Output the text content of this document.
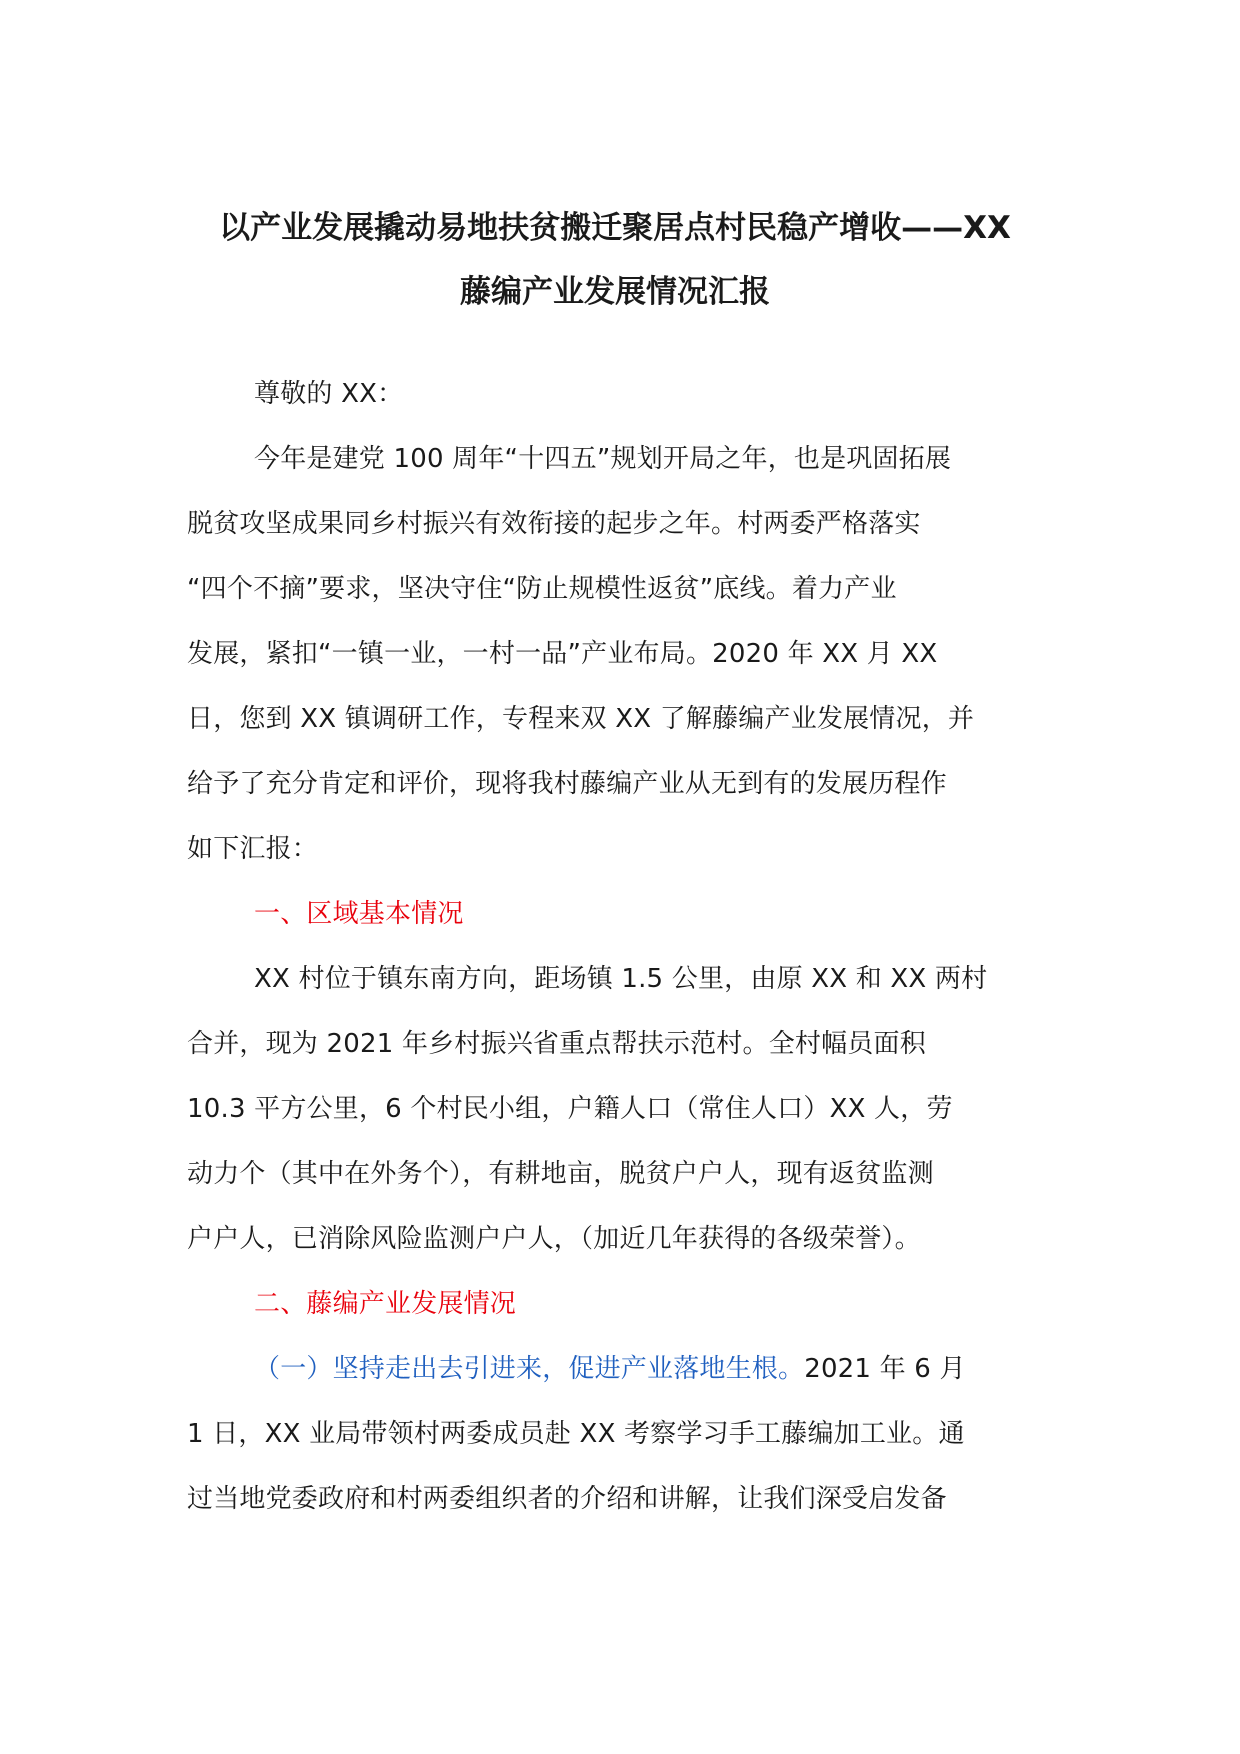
以产业发展撬动易地扶贫搬迁聚居点村民稳产增收——XX
藤编产业发展情况汇报

尊敬的 XX：

今年是建党 100 周年“十四五”规划开局之年，也是巩固拓展
脱贫攻坚成果同乡村振兴有效衔接的起步之年。村两委严格落实
“四个不摘”要求，坚决守住“防止规模性返贫”底线。着力产业
发展，紧扣“一镇一业，一村一品”产业布局。2020 年 XX 月 XX
日，您到 XX 镇调研工作，专程来双 XX 了解藤编产业发展情况，并
给予了充分肯定和评价，现将我村藤编产业从无到有的发展历程作
如下汇报：

一、区域基本情况

XX 村位于镇东南方向，距场镇 1.5 公里，由原 XX 和 XX 两村
合并，现为 2021 年乡村振兴省重点帮扶示范村。全村幅员面积
10.3 平方公里，6 个村民小组，户籍人口（常住人口）XX 人，劳
动力个（其中在外务个），有耕地亩，脱贫户户人，现有返贫监测
户户人，已消除风险监测户户人，（加近几年获得的各级荣誉）。

二、藤编产业发展情况

（一）坚持走出去引进来，促进产业落地生根。2021 年 6 月
1 日，XX 业局带领村两委成员赴 XX 考察学习手工藤编加工业。通
过当地党委政府和村两委组织者的介绍和讲解，让我们深受启发备
